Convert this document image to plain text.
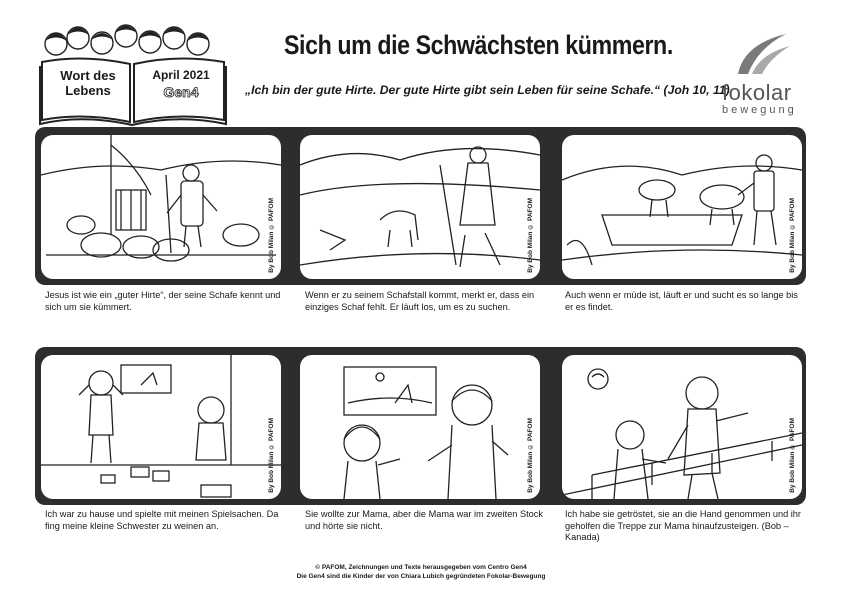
Wort des
Lebens
April 2021
Gen4
Sich um die Schwächsten kümmern.
„Ich bin der gute Hirte. Der gute Hirte gibt sein Leben für seine Schafe.“ (Joh 10, 11)
fokolar
bewegung
By Bob Milan © PAFOM	By Bob Milan © PAFOM	By Bob Milan © PAFOM
Jesus ist wie ein „guter Hirte“, der seine Schafe kennt und sich um sie kümmert.
Wenn er zu seinem Schafstall kommt, merkt er, dass ein einziges Schaf fehlt. Er läuft los, um es zu suchen.
Auch wenn er müde ist, läuft er und sucht es so lange bis er es findet.
By Bob Milan © PAFOM	By Bob Milan © PAFOM	By Bob Milan © PAFOM
Ich war zu hause und spielte mit meinen Spielsachen. Da fing meine kleine Schwester zu weinen an.
Sie wollte zur Mama, aber die Mama war im zweiten Stock und hörte sie nicht.
Ich habe sie getröstet, sie an die Hand genommen und ihr geholfen die Treppe zur Mama hinaufzusteigen. (Bob – Kanada)
© PAFOM, Zeichnungen und Texte herausgegeben vom Centro Gen4
Die Gen4 sind die Kinder der von Chiara Lubich gegründeten Fokolar-Bewegung
